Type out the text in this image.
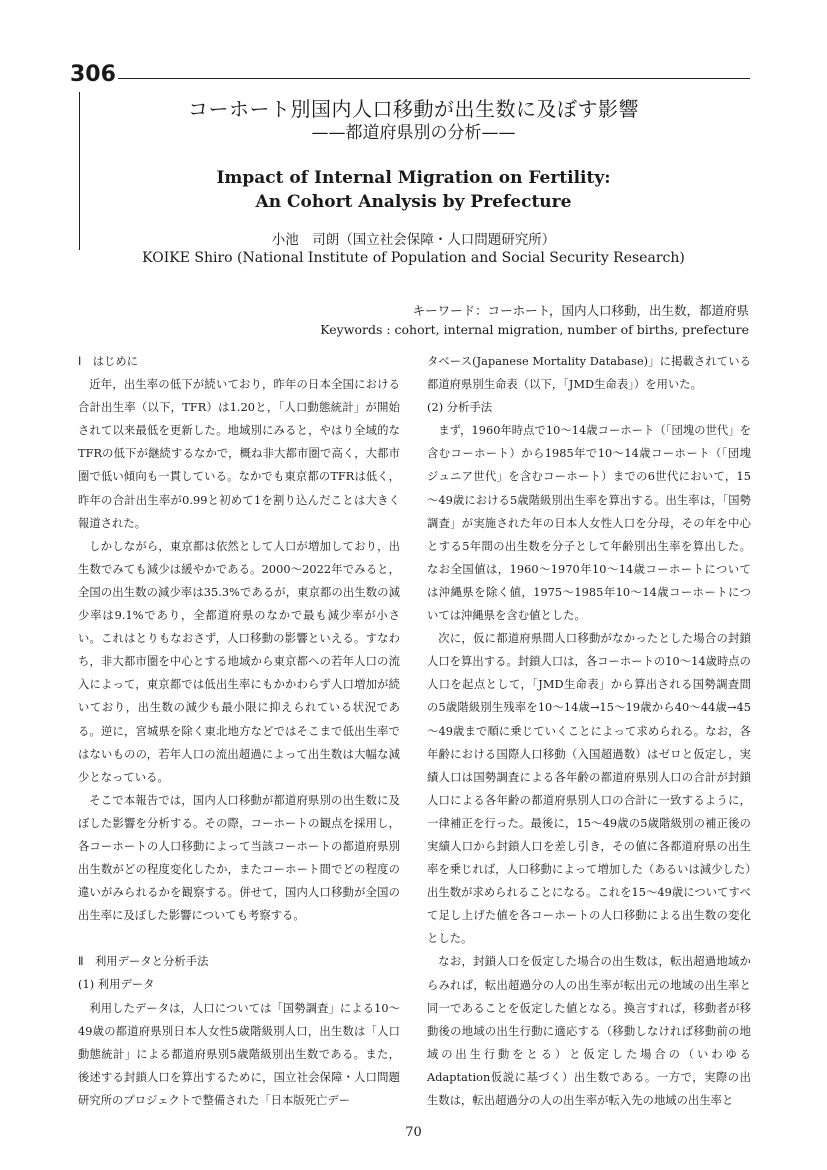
306
コーホート別国内人口移動が出生数に及ぼす影響
——都道府県別の分析——
Impact of Internal Migration on Fertility:
An Cohort Analysis by Prefecture
小池　司朗（国立社会保障・人口問題研究所）
KOIKE Shiro (National Institute of Population and Social Security Research)
キーワード：コーホート，国内人口移動，出生数，都道府県
Keywords : cohort, internal migration, number of births, prefecture
Ⅰ　はじめに

近年，出生率の低下が続いており，昨年の日本全国における合計出生率（以下，TFR）は1.20と，「人口動態統計」が開始されて以来最低を更新した。地域別にみると，やはり全域的なTFRの低下が継続するなかで，概ね非大都市圏で高く，大都市圏で低い傾向も一貫している。なかでも東京都のTFRは低く，昨年の合計出生率が0.99と初めて1を割り込んだことは大きく報道された。

しかしながら，東京都は依然として人口が増加しており，出生数でみても減少は緩やかである。2000～2022年でみると，全国の出生数の減少率は35.3%であるが，東京都の出生数の減少率は9.1%であり，全都道府県のなかで最も減少率が小さい。これはとりもなおさず，人口移動の影響といえる。すなわち，非大都市圏を中心とする地域から東京都への若年人口の流入によって，東京都では低出生率にもかかわらず人口増加が続いており，出生数の減少も最小限に抑えられている状況である。逆に，宮城県を除く東北地方などではそこまで低出生率ではないものの，若年人口の流出超過によって出生数は大幅な減少となっている。

そこで本報告では，国内人口移動が都道府県別の出生数に及ぼした影響を分析する。その際，コーホートの観点を採用し，各コーホートの人口移動によって当該コーホートの都道府県別出生数がどの程度変化したか，またコーホート間でどの程度の違いがみられるかを観察する。併せて，国内人口移動が全国の出生率に及ぼした影響についても考察する。

Ⅱ　利用データと分析手法
(1) 利用データ

利用したデータは，人口については「国勢調査」による10～49歳の都道府県別日本人女性5歳階級別人口，出生数は「人口動態統計」による都道府県別5歳階級別出生数である。また，後述する封鎖人口を算出するために，国立社会保障・人口問題研究所のプロジェクトで整備された「日本版死亡デー

タベース(Japanese Mortality Database)」に掲載されている都道府県別生命表（以下，「JMD生命表」）を用いた。

(2) 分析手法

まず，1960年時点で10～14歳コーホート（「団塊の世代」を含むコーホート）から1985年で10～14歳コーホート（「団塊ジュニア世代」を含むコーホート）までの6世代において，15～49歳における5歳階級別出生率を算出する。出生率は，「国勢調査」が実施された年の日本人女性人口を分母，その年を中心とする5年間の出生数を分子として年齢別出生率を算出した。なお全国値は，1960～1970年10～14歳コーホートについては沖縄県を除く値，1975～1985年10～14歳コーホートについては沖縄県を含む値とした。

次に，仮に都道府県間人口移動がなかったとした場合の封鎖人口を算出する。封鎖人口は，各コーホートの10～14歳時点の人口を起点として，「JMD生命表」から算出される国勢調査間の5歳階級別生残率を10～14歳→15～19歳から40～44歳→45～49歳まで順に乗じていくことによって求められる。なお，各年齢における国際人口移動（入国超過数）はゼロと仮定し，実績人口は国勢調査による各年齢の都道府県別人口の合計が封鎖人口による各年齢の都道府県別人口の合計に一致するように，一律補正を行った。最後に，15～49歳の5歳階級別の補正後の実績人口から封鎖人口を差し引き，その値に各都道府県の出生率を乗じれば，人口移動によって増加した（あるいは減少した）出生数が求められることになる。これを15～49歳についてすべて足し上げた値を各コーホートの人口移動による出生数の変化とした。

なお，封鎖人口を仮定した場合の出生数は，転出超過地域からみれば，転出超過分の人の出生率が転出元の地域の出生率と同一であることを仮定した値となる。換言すれば，移動者が移動後の地域の出生行動に適応する（移動しなければ移動前の地域の出生行動をとる）と仮定した場合の（いわゆるAdaptation仮説に基づく）出生数である。一方で，実際の出生数は，転出超過分の人の出生率が転入先の地域の出生率と

70
